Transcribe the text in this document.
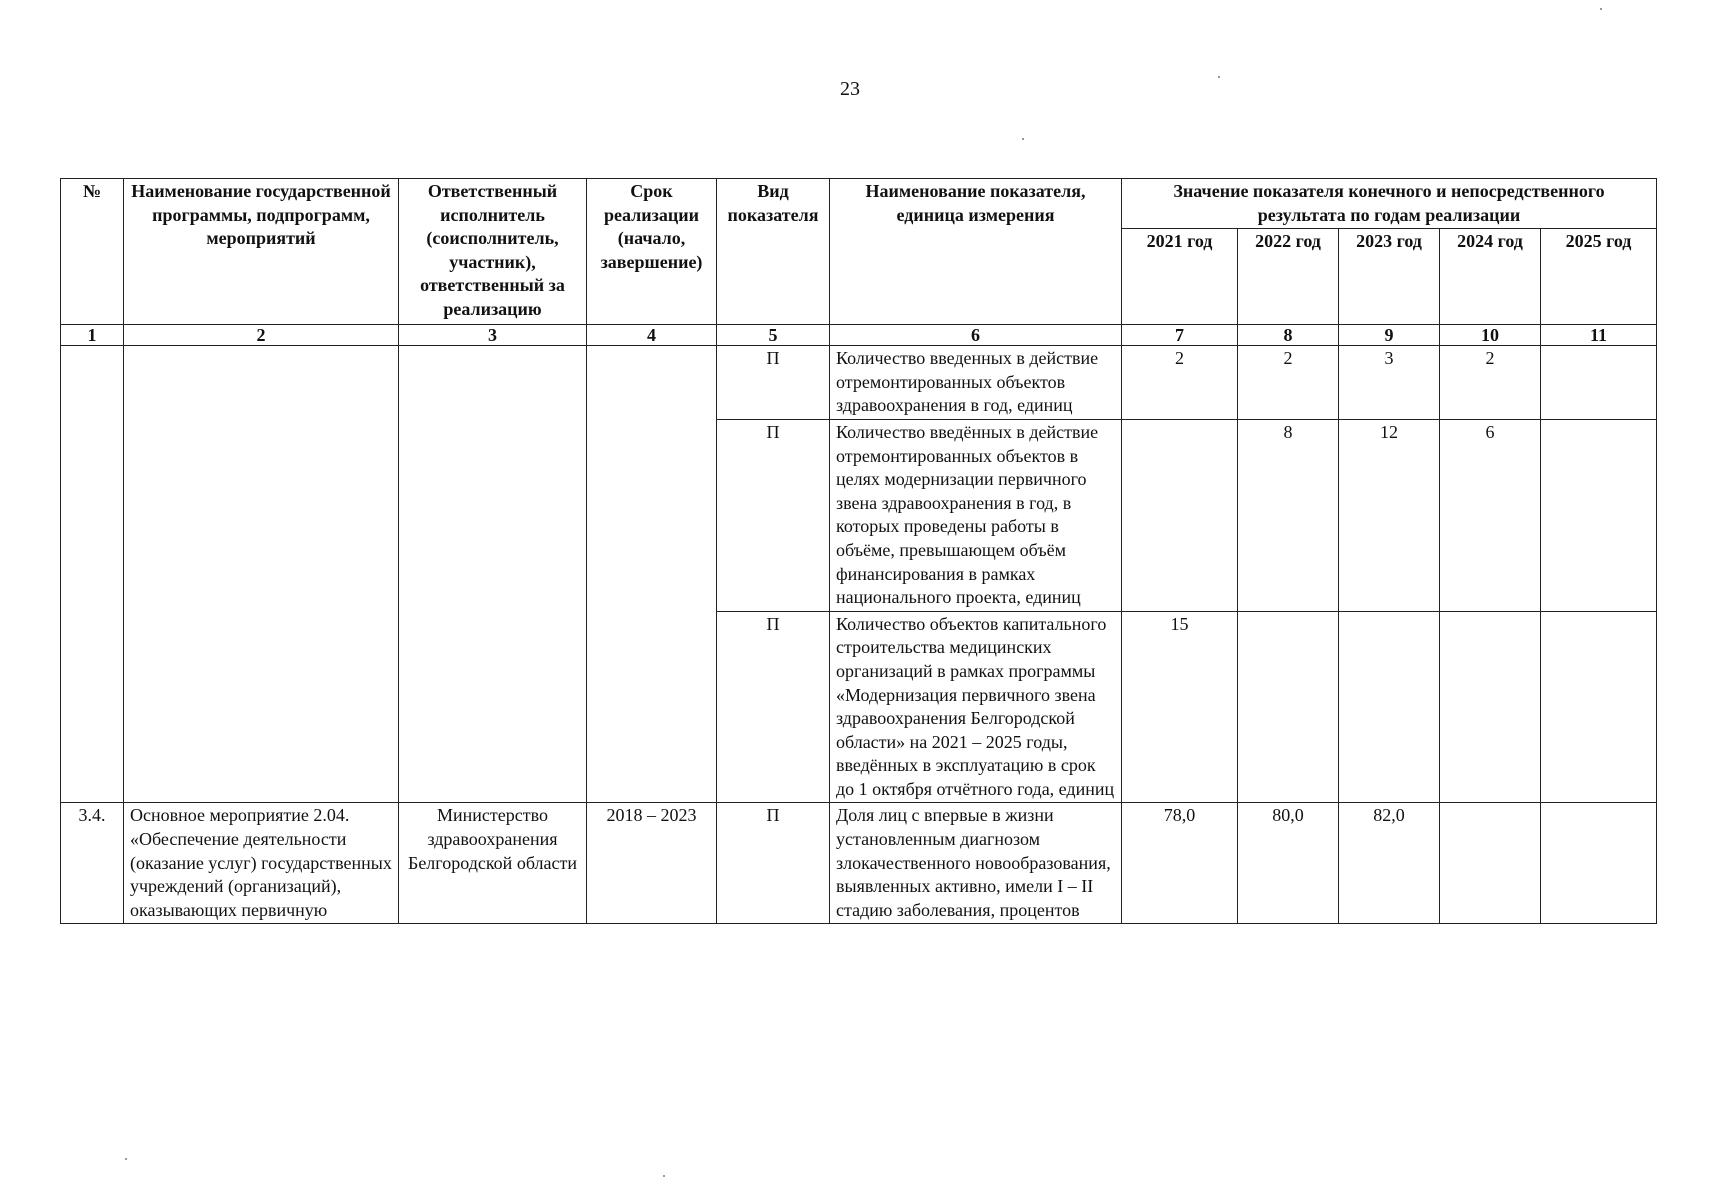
23
№	Наименование государственной программы, подпрограмм, мероприятий	Ответственный исполнитель (соисполнитель, участник), ответственный за реализацию	Срок реализации (начало, завершение)	Вид показателя	Наименование показателя, единица измерения	Значение показателя конечного и непосредственного результата по годам реализации				
						2021 год	2022 год	2023 год	2024 год	2025 год
1	2	3	4	5	6	7	8	9	10	11
				П	Количество введенных в действие отремонтированных объектов здравоохранения в год, единиц	2	2	3	2	
				П	Количество введённых в действие отремонтированных объектов в целях модернизации первичного звена здравоохранения в год, в которых проведены работы в объёме, превышающем объём финансирования в рамках национального проекта, единиц		8	12	6	
				П	Количество объектов капитального строительства медицинских организаций в рамках программы «Модернизация первичного звена здравоохранения Белгородской области» на 2021 – 2025 годы, введённых в эксплуатацию в срок до 1 октября отчётного года, единиц	15				
3.4.	Основное мероприятие 2.04. «Обеспечение деятельности (оказание услуг) государственных учреждений (организаций), оказывающих первичную	Министерство здравоохранения Белгородской области	2018 – 2023	П	Доля лиц с впервые в жизни установленным диагнозом злокачественного новообразования, выявленных активно, имели I – II стадию заболевания, процентов	78,0	80,0	82,0		
